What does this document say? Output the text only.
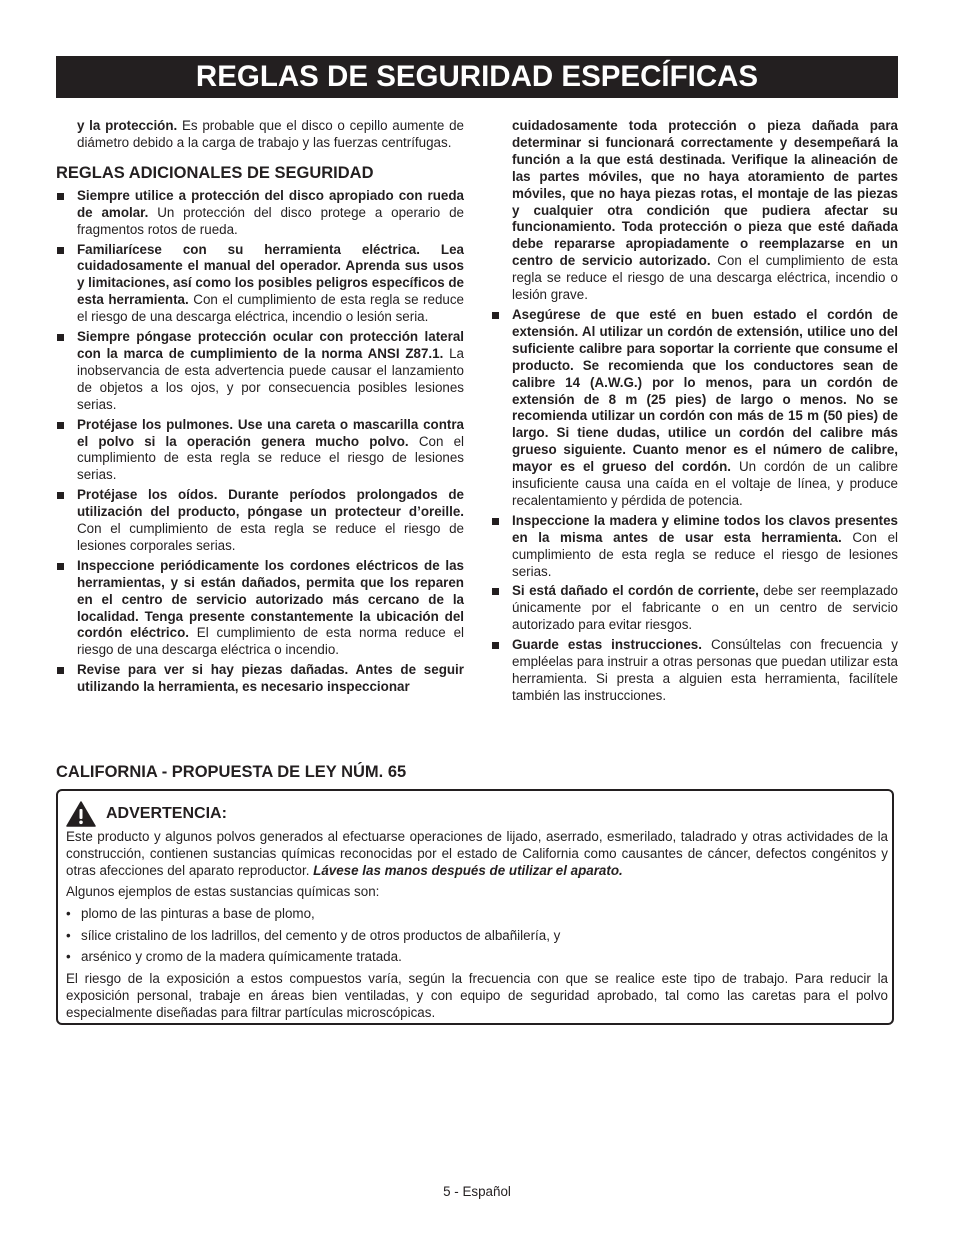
REGLAS DE SEGURIDAD ESPECÍFICAS

y la protección. Es probable que el disco o cepillo aumente de diámetro debido a la carga de trabajo y las fuerzas centrífugas.

REGLAS ADICIONALES DE SEGURIDAD
Siempre utilice a protección del disco apropiado con rueda de amolar. Un protección del disco protege a operario de fragmentos rotos de rueda.
Familiarícese con su herramienta eléctrica. Lea cuidadosamente el manual del operador. Aprenda sus usos y limitaciones, así como los posibles peligros específicos de esta herramienta. Con el cumplimiento de esta regla se reduce el riesgo de una descarga eléctrica, incendio o lesión seria.
Siempre póngase protección ocular con protección lateral con la marca de cumplimiento de la norma ANSI Z87.1. La inobservancia de esta advertencia puede causar el lanzamiento de objetos a los ojos, y por consecuencia posibles lesiones serias.
Protéjase los pulmones. Use una careta o mascarilla contra el polvo si la operación genera mucho polvo. Con el cumplimiento de esta regla se reduce el riesgo de lesiones serias.
Protéjase los oídos. Durante períodos prolongados de utilización del producto, póngase un protecteur d’oreille. Con el cumplimiento de esta regla se reduce el riesgo de lesiones corporales serias.
Inspeccione periódicamente los cordones eléctricos de las herramientas, y si están dañados, permita que los reparen en el centro de servicio autorizado más cercano de la localidad. Tenga presente constantemente la ubicación del cordón eléctrico. El cumplimiento de esta norma reduce el riesgo de una descarga eléctrica o incendio.
Revise para ver si hay piezas dañadas. Antes de seguir utilizando la herramienta, es necesario inspeccionar

cuidadosamente toda protección o pieza dañada para determinar si funcionará correctamente y desempeñará la función a la que está destinada. Verifique la alineación de las partes móviles, que no haya atoramiento de partes móviles, que no haya piezas rotas, el montaje de las piezas y cualquier otra condición que pudiera afectar su funcionamiento. Toda protección o pieza que esté dañada debe repararse apropiadamente o reemplazarse en un centro de servicio autorizado. Con el cumplimiento de esta regla se reduce el riesgo de una descarga eléctrica, incendio o lesión grave.

Asegúrese de que esté en buen estado el cordón de extensión. Al utilizar un cordón de extensión, utilice uno del suficiente calibre para soportar la corriente que consume el producto. Se recomienda que los conductores sean de calibre 14 (A.W.G.) por lo menos, para un cordón de extensión de 8 m (25 pies) de largo o menos. No se recomienda utilizar un cordón con más de 15 m (50 pies) de largo. Si tiene dudas, utilice un cordón del calibre más grueso siguiente. Cuanto menor es el número de calibre, mayor es el grueso del cordón. Un cordón de un calibre insuficiente causa una caída en el voltaje de línea, y produce recalentamiento y pérdida de potencia.
Inspeccione la madera y elimine todos los clavos presentes en la misma antes de usar esta herramienta. Con el cumplimiento de esta regla se reduce el riesgo de lesiones serias.
Si está dañado el cordón de corriente, debe ser reemplazado únicamente por el fabricante o en un centro de servicio autorizado para evitar riesgos.
Guarde estas instrucciones. Consúltelas con frecuencia y empléelas para instruir a otras personas que puedan utilizar esta herramienta. Si presta a alguien esta herramienta, facilítele también las instrucciones.
CALIFORNIA - PROPUESTA DE LEY NÚM. 65
ADVERTENCIA:

Este producto y algunos polvos generados al efectuarse operaciones de lijado, aserrado, esmerilado, taladrado y otras actividades de la construcción, contienen sustancias químicas reconocidas por el estado de California como causantes de cáncer, defectos congénitos y otras afecciones del aparato reproductor. Lávese las manos después de utilizar el aparato.

Algunos ejemplos de estas sustancias químicas son:

• plomo de las pinturas a base de plomo,
• sílice cristalino de los ladrillos, del cemento y de otros productos de albañilería, y
• arsénico y cromo de la madera químicamente tratada.

El riesgo de la exposición a estos compuestos varía, según la frecuencia con que se realice este tipo de trabajo. Para reducir la exposición personal, trabaje en áreas bien ventiladas, y con equipo de seguridad aprobado, tal como las caretas para el polvo especialmente diseñadas para filtrar partículas microscópicas.

5 - Español
